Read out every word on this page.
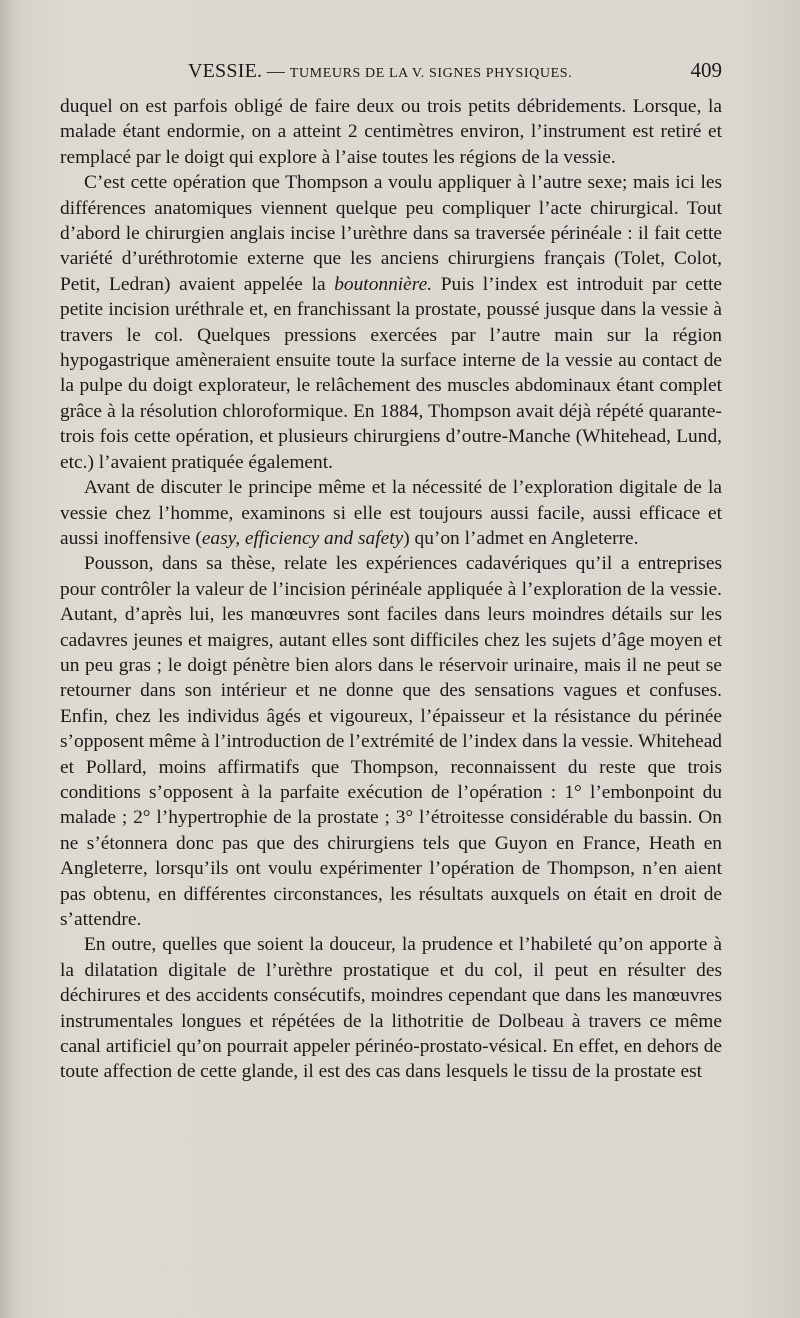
VESSIE. — TUMEURS DE LA V. SIGNES PHYSIQUES.	409

duquel on est parfois obligé de faire deux ou trois petits débridements. Lorsque, la malade étant endormie, on a atteint 2 centimètres environ, l’instrument est retiré et remplacé par le doigt qui explore à l’aise toutes les régions de la vessie.

C’est cette opération que Thompson a voulu appliquer à l’autre sexe; mais ici les différences anatomiques viennent quelque peu compliquer l’acte chirurgical. Tout d’abord le chirurgien anglais incise l’urèthre dans sa traversée périnéale : il fait cette variété d’uréthrotomie externe que les anciens chirurgiens français (Tolet, Colot, Petit, Ledran) avaient appelée la boutonnière. Puis l’index est introduit par cette petite incision uréthrale et, en franchissant la prostate, poussé jusque dans la vessie à travers le col. Quelques pressions exercées par l’autre main sur la région hypogastrique amèneraient ensuite toute la surface interne de la vessie au contact de la pulpe du doigt explorateur, le relâchement des muscles abdominaux étant complet grâce à la résolution chloroformique. En 1884, Thompson avait déjà répété quarante-trois fois cette opération, et plusieurs chirurgiens d’outre-Manche (Whitehead, Lund, etc.) l’avaient pratiquée également.

Avant de discuter le principe même et la nécessité de l’exploration digitale de la vessie chez l’homme, examinons si elle est toujours aussi facile, aussi efficace et aussi inoffensive (easy, efficiency and safety) qu’on l’admet en Angleterre.

Pousson, dans sa thèse, relate les expériences cadavériques qu’il a entreprises pour contrôler la valeur de l’incision périnéale appliquée à l’exploration de la vessie. Autant, d’après lui, les manœuvres sont faciles dans leurs moindres détails sur les cadavres jeunes et maigres, autant elles sont difficiles chez les sujets d’âge moyen et un peu gras ; le doigt pénètre bien alors dans le réservoir urinaire, mais il ne peut se retourner dans son intérieur et ne donne que des sensations vagues et confuses. Enfin, chez les individus âgés et vigoureux, l’épaisseur et la résistance du périnée s’opposent même à l’introduction de l’extrémité de l’index dans la vessie. Whitehead et Pollard, moins affirmatifs que Thompson, reconnaissent du reste que trois conditions s’opposent à la parfaite exécution de l’opération : 1° l’embonpoint du malade ; 2° l’hypertrophie de la prostate ; 3° l’étroitesse considérable du bassin. On ne s’étonnera donc pas que des chirurgiens tels que Guyon en France, Heath en Angleterre, lorsqu’ils ont voulu expérimenter l’opération de Thompson, n’en aient pas obtenu, en différentes circonstances, les résultats auxquels on était en droit de s’attendre.

En outre, quelles que soient la douceur, la prudence et l’habileté qu’on apporte à la dilatation digitale de l’urèthre prostatique et du col, il peut en résulter des déchirures et des accidents consécutifs, moindres cependant que dans les manœuvres instrumentales longues et répétées de la lithotritie de Dolbeau à travers ce même canal artificiel qu’on pourrait appeler périnéo-prostato-vésical. En effet, en dehors de toute affection de cette glande, il est des cas dans lesquels le tissu de la prostate est
